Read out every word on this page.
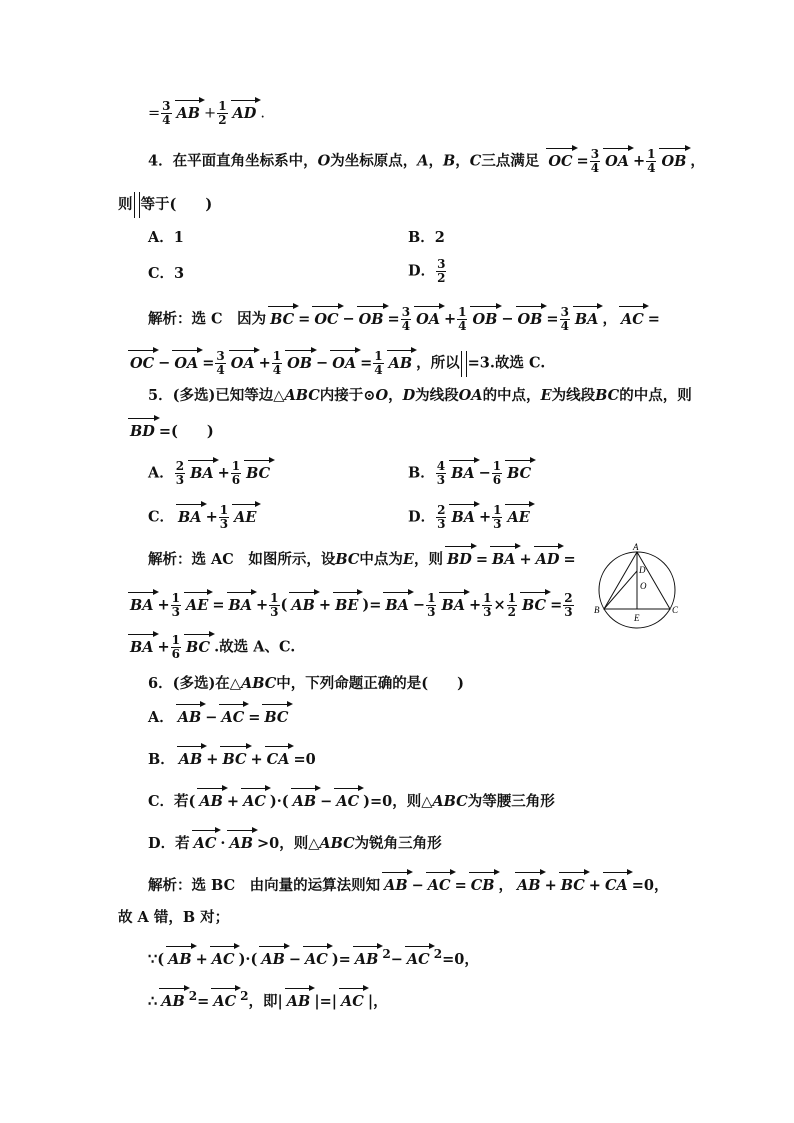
= $\frac{3}{4}$ AB + $\frac{1}{2}$ AD .
4．在平面直角坐标系中，O为坐标原点，A，B，C三点满足 OC = $\frac{3}{4}$ OA + $\frac{1}{4}$ OB ，
则 等于(　　)
A．1	B．2
C．3	D． $\frac{3}{2}$
解析：选 C　 因为 BC = OC − OB = $\frac{3}{4}$ OA + $\frac{1}{4}$ OB − OB = $\frac{3}{4}$ BA ， AC =
OC − OA = $\frac{3}{4}$ OA + $\frac{1}{4}$ OB − OA = $\frac{1}{4}$ AB ，所以 =3.故选 C.
5．(多选)已知等边△ABC内接于⊙O，D为线段OA的中点，E为线段BC的中点，则
BD =(　　)
A． $\frac{2}{3}$ BA + $\frac{1}{6}$ BC	B． $\frac{4}{3}$ BA − $\frac{1}{6}$ BC
C． BA + $\frac{1}{3}$ AE	D． $\frac{2}{3}$ BA + $\frac{1}{3}$ AE
解析：选 AC　 如图所示，设BC中点为E，则 BD = BA + AD =
BA + $\frac{1}{3}$ AE = BA + $\frac{1}{3}$ ( AB + BE )= BA − $\frac{1}{3}$ BA + $\frac{1}{3} \times \frac{1}{2}$ BC = $\frac{2}{3}$
BA + $\frac{1}{6}$ BC .故选 A、C.
A
D
O
B	C
E
6．(多选)在△ABC中，下列命题正确的是(　　)
A． AB − AC = BC
B． AB + BC + CA =0
C．若( AB + AC )·( AB − AC )=0，则△ABC为等腰三角形
D．若 AC · AB >0，则△ABC为锐角三角形
解析：选 BC　 由向量的运算法则知 AB − AC = CB ， AB + BC + CA =0，
故 A 错，B 对；
∵( AB + AC )·( AB − AC )= AB $^2$− AC $^2$=0，
∴ AB $^2$= AC $^2$，即| AB |=| AC |，
